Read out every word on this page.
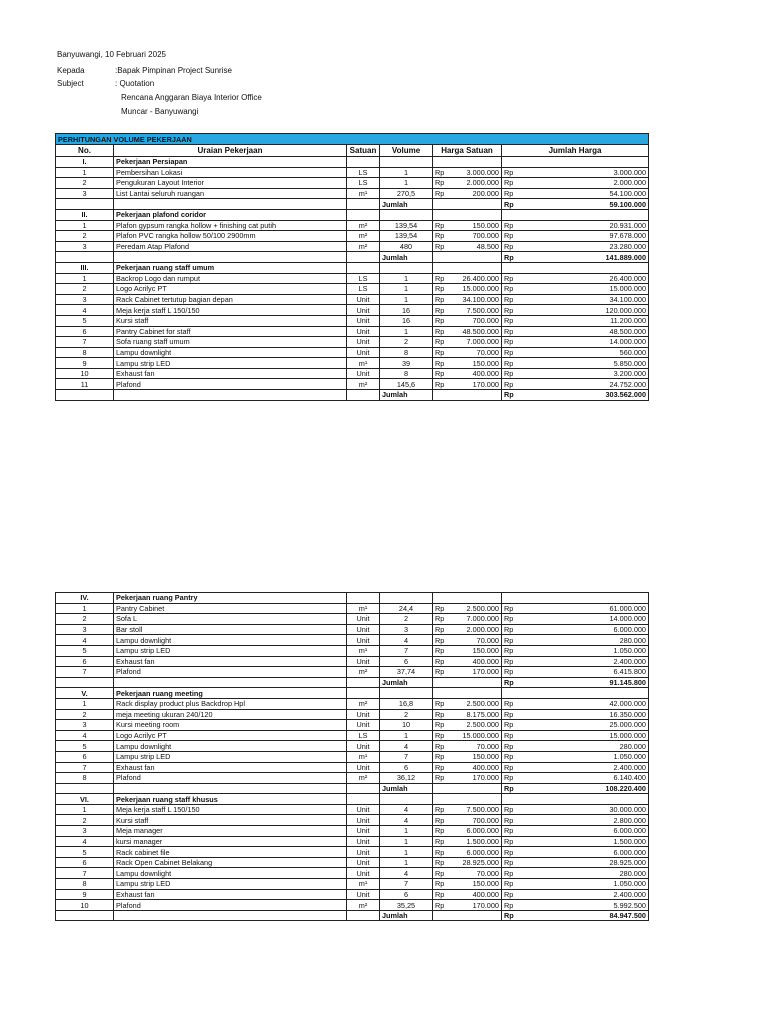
Banyuwangi, 10 Februari 2025
Kepada	:Bapak Pimpinan Project Sunrise
Subject	: Quotation
Rencana Anggaran Biaya Interior Office
Muncar - Banyuwangi
PERHITUNGAN VOLUME PEKERJAAN							
No.	Uraian Pekerjaan	Satuan	Volume	Harga Satuan		Jumlah Harga	
I.	Pekerjaan Persiapan						
1	Pembersihan Lokasi	LS	1	Rp	3.000.000	Rp	3.000.000
2	Pengukuran Layout Interior	LS	1	Rp	2.000.000	Rp	2.000.000
3	List Lantai seluruh ruangan	m¹	270,5	Rp	200.000	Rp	54.100.000
			Jumlah			Rp	59.100.000
II.	Pekerjaan plafond coridor						
1	Plafon gypsum rangka hollow + finishing cat putih	m²	139,54	Rp	150.000	Rp	20.931.000
2	Plafon PVC rangka hollow 50/100 2900mm	m²	139,54	Rp	700.000	Rp	97.678.000
3	Peredam Atap Plafond	m²	480	Rp	48.500	Rp	23.280.000
			Jumlah			Rp	141.889.000
III.	Pekerjaan ruang staff umum						
1	Backrop Logo dan rumput	LS	1	Rp	26.400.000	Rp	26.400.000
2	Logo Acrilyc PT	LS	1	Rp	15.000.000	Rp	15.000.000
3	Rack Cabinet tertutup bagian depan	Unit	1	Rp	34.100.000	Rp	34.100.000
4	Meja kerja staff L 150/150	Unit	16	Rp	7.500.000	Rp	120.000.000
5	Kursi staff	Unit	16	Rp	700.000	Rp	11.200.000
6	Pantry Cabinet for staff	Unit	1	Rp	48.500.000	Rp	48.500.000
7	Sofa ruang staff umum	Unit	2	Rp	7.000.000	Rp	14.000.000
8	Lampu downlight	Unit	8	Rp	70.000	Rp	560.000
9	Lampu strip LED	m¹	39	Rp	150.000	Rp	5.850.000
10	Exhaust fan	Unit	8	Rp	400.000	Rp	3.200.000
11	Plafond	m²	145,6	Rp	170.000	Rp	24.752.000
			Jumlah			Rp	303.562.000
IV.	Pekerjaan ruang Pantry						
1	Pantry Cabinet	m¹	24,4	Rp	2.500.000	Rp	61.000.000
2	Sofa L	Unit	2	Rp	7.000.000	Rp	14.000.000
3	Bar stoll	Unit	3	Rp	2.000.000	Rp	6.000.000
4	Lampu downlight	Unit	4	Rp	70.000	Rp	280.000
5	Lampu strip LED	m¹	7	Rp	150.000	Rp	1.050.000
6	Exhaust fan	Unit	6	Rp	400.000	Rp	2.400.000
7	Plafond	m²	37,74	Rp	170.000	Rp	6.415.800
			Jumlah			Rp	91.145.800
V.	Pekerjaan ruang meeting						
1	Rack display product plus Backdrop Hpl	m²	16,8	Rp	2.500.000	Rp	42.000.000
2	meja meeting ukuran 240/120	Unit	2	Rp	8.175.000	Rp	16.350.000
3	Kursi meeting room	Unit	10	Rp	2.500.000	Rp	25.000.000
4	Logo Acrilyc PT	LS	1	Rp	15.000.000	Rp	15.000.000
5	Lampu downlight	Unit	4	Rp	70.000	Rp	280.000
6	Lampu strip LED	m¹	7	Rp	150.000	Rp	1.050.000
7	Exhaust fan	Unit	6	Rp	400.000	Rp	2.400.000
8	Plafond	m²	36,12	Rp	170.000	Rp	6.140.400
			Jumlah			Rp	108.220.400
VI.	Pekerjaan ruang staff khusus						
1	Meja kerja staff L 150/150	Unit	4	Rp	7.500.000	Rp	30.000.000
2	Kursi staff	Unit	4	Rp	700.000	Rp	2.800.000
3	Meja manager	Unit	1	Rp	6.000.000	Rp	6.000.000
4	kursi manager	Unit	1	Rp	1.500.000	Rp	1.500.000
5	Rack cabinet file	Unit	1	Rp	6.000.000	Rp	6.000.000
6	Rack Open Cabinet Belakang	Unit	1	Rp	28.925.000	Rp	28.925.000
7	Lampu downlight	Unit	4	Rp	70.000	Rp	280.000
8	Lampu strip LED	m¹	7	Rp	150.000	Rp	1.050.000
9	Exhaust fan	Unit	6	Rp	400.000	Rp	2.400.000
10	Plafond	m²	35,25	Rp	170.000	Rp	5.992.500
			Jumlah			Rp	84.947.500
